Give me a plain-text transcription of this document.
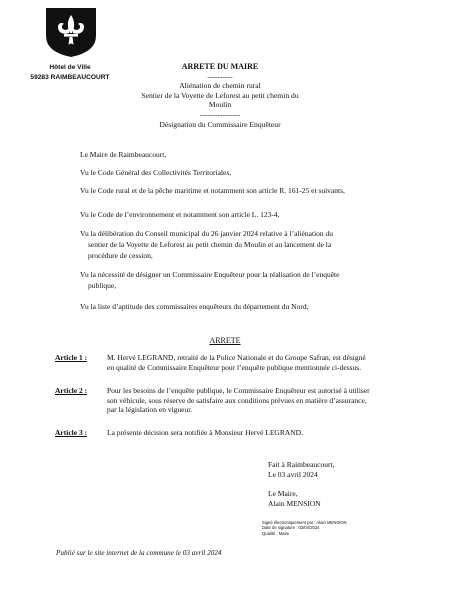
Hôtel de Ville
59283 RAIMBEAUCOURT
ARRETE DU MAIRE
----------
Aliénation de chemin rural
Sentier de la Voyette de Leforest au petit chemin du Moulin
----------------
Désignation du Commissaire Enquêteur
Le Maire de Raimbeaucourt,
Vu le Code Général des Collectivités Territoriales,
Vu le Code rural et de la pêche maritime et notamment son article R. 161-25 et suivants,
Vu le Code de l’environnement et notamment son article L. 123-4,
Vu la délibération du Conseil municipal du 26 janvier 2024 relative à l’aliénation du
sentier de la Voyette de Leforest au petit chemin du Moulin et au lancement de la
procédure de cession,
Vu la nécessité de désigner un Commissaire Enquêteur pour la réalisation de l’enquête
publique,
Vu la liste d’aptitude des commissaires enquêteurs du département du Nord,
ARRETE
Article 1 :	M. Hervé LEGRAND, retraité de la Police Nationale et du Groupe Safran, est désigné
en qualité de Commissaire Enquêteur pour l’enquête publique mentionnée ci-dessus.
Article 2 :	Pour les besoins de l’enquête publique, le Commissaire Enquêteur est autorisé à utiliser
son véhicule, sous réserve de satisfaire aux conditions prévues en matière d’assurance,
par la législation en vigueur.
Article 3 :	La présente décision sera notifiée à Monsieur Hervé LEGRAND.
Fait à Raimbeaucourt,
Le 03 avril 2024
Le Maire,
Alain MENSION
Signé électroniquement par : Alain MENSION
Date de signature : 03/04/2024
Qualité : Maire
Publié sur le site internet de la commune le 03 avril 2024
